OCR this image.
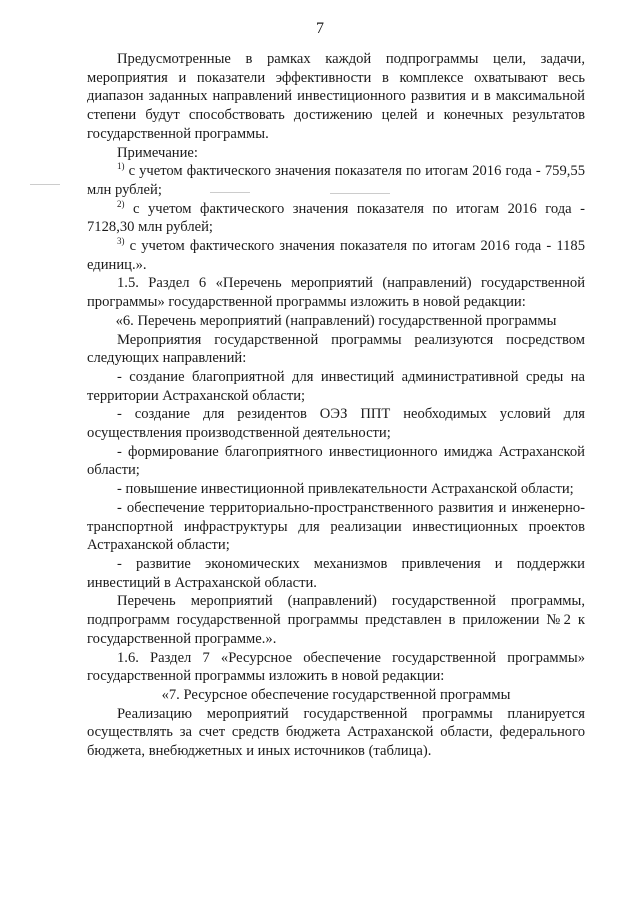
7

Предусмотренные в рамках каждой подпрограммы цели, задачи, мероприятия и показатели эффективности в комплексе охватывают весь диапазон заданных направлений инвестиционного развития и в максимальной степени будут способствовать достижению целей и конечных результатов государственной программы.

Примечание:

$^{1)}$ с учетом фактического значения показателя по итогам 2016 года - 759,55 млн рублей;

$^{2)}$ с учетом фактического значения показателя по итогам 2016 года - 7128,30 млн рублей;

$^{3)}$ с учетом фактического значения показателя по итогам 2016 года - 1185 единиц.».

1.5. Раздел 6 «Перечень мероприятий (направлений) государственной программы» государственной программы изложить в новой редакции:

«6. Перечень мероприятий (направлений) государственной программы

Мероприятия государственной программы реализуются посредством следующих направлений:

- создание благоприятной для инвестиций административной среды на территории Астраханской области;

- создание для резидентов ОЭЗ ППТ необходимых условий для осуществления производственной деятельности;

- формирование благоприятного инвестиционного имиджа Астраханской области;

- повышение инвестиционной привлекательности Астраханской области;

- обеспечение территориально-пространственного развития и инженерно-транспортной инфраструктуры для реализации инвестиционных проектов Астраханской области;

- развитие экономических механизмов привлечения и поддержки инвестиций в Астраханской области.

Перечень мероприятий (направлений) государственной программы, подпрограмм государственной программы представлен в приложении №2 к государственной программе.».

1.6. Раздел 7 «Ресурсное обеспечение государственной программы» государственной программы изложить в новой редакции:

«7. Ресурсное обеспечение государственной программы

Реализацию мероприятий государственной программы планируется осуществлять за счет средств бюджета Астраханской области, федерального бюджета, внебюджетных и иных источников (таблица).
